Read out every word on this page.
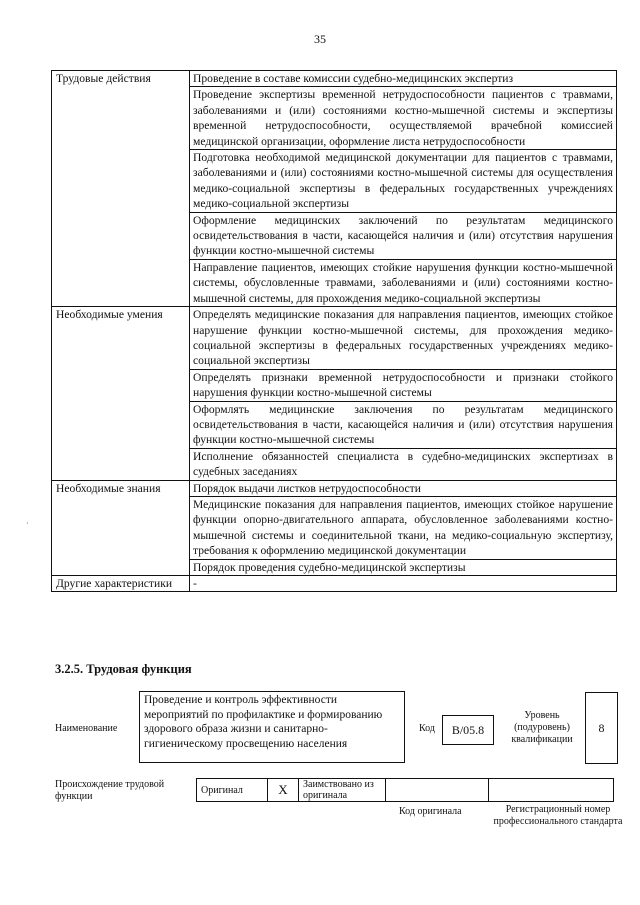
35
Трудовые действия	Проведение в составе комиссии судебно-медицинских экспертиз
	Проведение экспертизы временной нетрудоспособности пациентов с травмами, заболеваниями и (или) состояниями костно-мышечной системы и экспертизы временной нетрудоспособности, осуществляемой врачебной комиссией медицинской организации, оформление листа нетрудоспособности
	Подготовка необходимой медицинской документации для пациентов с травмами, заболеваниями и (или) состояниями костно-мышечной системы для осуществления медико-социальной экспертизы в федеральных государственных учреждениях медико-социальной экспертизы
	Оформление медицинских заключений по результатам медицинского освидетельствования в части, касающейся наличия и (или) отсутствия нарушения функции костно-мышечной системы
	Направление пациентов, имеющих стойкие нарушения функции костно-мышечной системы, обусловленные травмами, заболеваниями и (или) состояниями костно-мышечной системы, для прохождения медико-социальной экспертизы
Необходимые умения	Определять медицинские показания для направления пациентов, имеющих стойкое нарушение функции костно-мышечной системы, для прохождения медико-социальной экспертизы в федеральных государственных учреждениях медико-социальной экспертизы
	Определять признаки временной нетрудоспособности и признаки стойкого нарушения функции костно-мышечной системы
	Оформлять медицинские заключения по результатам медицинского освидетельствования в части, касающейся наличия и (или) отсутствия нарушения функции костно-мышечной системы
	Исполнение обязанностей специалиста в судебно-медицинских экспертизах в судебных заседаниях
Необходимые знания	Порядок выдачи листков нетрудоспособности
	Медицинские показания для направления пациентов, имеющих стойкое нарушение функции опорно-двигательного аппарата, обусловленное заболеваниями костно-мышечной системы и соединительной ткани, на медико-социальную экспертизу, требования к оформлению медицинской документации
	Порядок проведения судебно-медицинской экспертизы
Другие характеристики	-
3.2.5. Трудовая функция
Наименование
Проведение и контроль эффективности мероприятий по профилактике и формированию здорового образа жизни и санитарно-гигиеническому просвещению населения
Код	В/05.8
Уровень (подуровень) квалификации
8
Происхождение трудовой функции
Оригинал	X	Заимствовано из оригинала		
Код оригинала	Регистрационный номер профессионального стандарта
·
